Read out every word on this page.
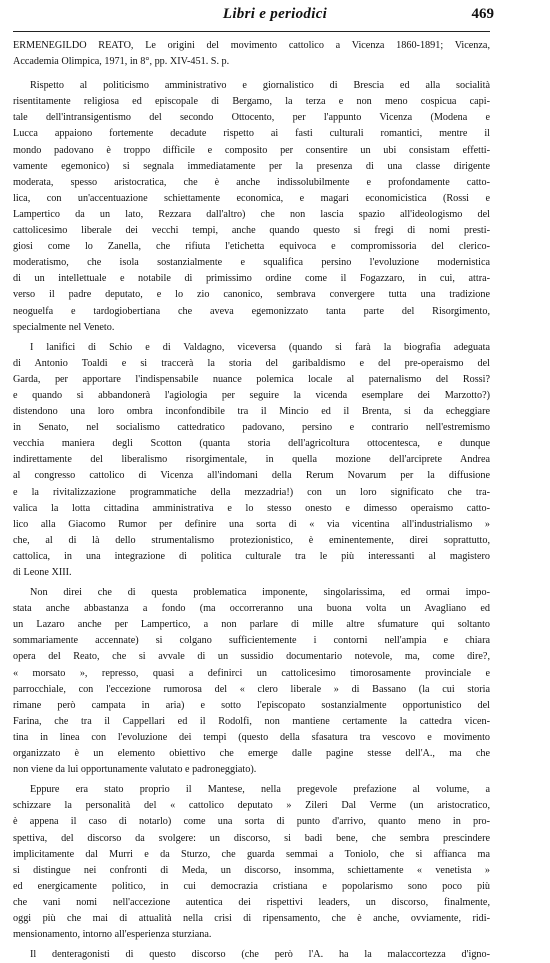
Libri e periodici	469
ERMENEGILDO REATO, Le origini del movimento cattolico a Vicenza 1860-1891; Vicenza,
Accademia Olimpica, 1971, in 8°, pp. XIV-451. S. p.
Rispetto al politicismo amministrativo e giornalistico di Brescia ed alla socialità
risentitamente religiosa ed episcopale di Bergamo, la terza e non meno cospicua capi-
tale dell'intransigentismo del secondo Ottocento, per l'appunto Vicenza (Modena e
Lucca appaiono fortemente decadute rispetto ai fasti culturali romantici, mentre il
mondo padovano è troppo difficile e composito per consentire un ubi consistam effetti-
vamente egemonico) si segnala immediatamente per la presenza di una classe dirigente
moderata, spesso aristocratica, che è anche indissolubilmente e profondamente catto-
lica, con un'accentuazione schiettamente economica, e magari economicistica (Rossi e
Lampertico da un lato, Rezzara dall'altro) che non lascia spazio all'ideologismo del
cattolicesimo liberale dei vecchi tempi, anche quando questo si fregi di nomi presti-
giosi come lo Zanella, che rifiuta l'etichetta equivoca e compromissoria del clerico-
moderatismo, che isola sostanzialmente e squalifica persino l'evoluzione modernistica
di un intellettuale e notabile di primissimo ordine come il Fogazzaro, in cui, attra-
verso il padre deputato, e lo zio canonico, sembrava convergere tutta una tradizione
neoguelfa e tardogiobertiana che aveva egemonizzato tanta parte del Risorgimento,
specialmente nel Veneto.
I lanifici di Schio e di Valdagno, viceversa (quando si farà la biografia adeguata
di Antonio Toaldi e si traccerà la storia del garibaldismo e del pre-operaismo del
Garda, per apportare l'indispensabile nuance polemica locale al paternalismo del Rossi?
e quando si abbandonerà l'agiologia per seguire la vicenda esemplare dei Marzotto?)
distendono una loro ombra inconfondibile tra il Mincio ed il Brenta, si da echeggiare
in Senato, nel socialismo cattedratico padovano, persino e contrario nell'estremismo
vecchia maniera degli Scotton (quanta storia dell'agricoltura ottocentesca, e dunque
indirettamente del liberalismo risorgimentale, in quella mozione dell'arciprete Andrea
al congresso cattolico di Vicenza all'indomani della Rerum Novarum per la diffusione
e la rivitalizzazione programmatiche della mezzadria!) con un loro significato che tra-
valica la lotta cittadina amministrativa e lo stesso onesto e dimesso operaismo catto-
lico alla Giacomo Rumor per definire una sorta di « via vicentina all'industrialismo »
che, al di là dello strumentalismo protezionistico, è eminentemente, direi soprattutto,
cattolica, in una integrazione di politica culturale tra le più interessanti al magistero
di Leone XIII.
Non direi che di questa problematica imponente, singolarissima, ed ormai impo-
stata anche abbastanza a fondo (ma occorreranno una buona volta un Avagliano ed
un Lazaro anche per Lampertico, a non parlare di mille altre sfumature qui soltanto
sommariamente accennate) si colgano sufficientemente i contorni nell'ampia e chiara
opera del Reato, che si avvale di un sussidio documentario notevole, ma, come dire?,
« morsato », represso, quasi a definirci un cattolicesimo timorosamente provinciale e
parrocchiale, con l'eccezione rumorosa del « clero liberale » di Bassano (la cui storia
rimane però campata in aria) e sotto l'episcopato sostanzialmente opportunistico del
Farina, che tra il Cappellari ed il Rodolfi, non mantiene certamente la cattedra vicen-
tina in linea con l'evoluzione dei tempi (questo della sfasatura tra vescovo e movimento
organizzato è un elemento obiettivo che emerge dalle pagine stesse dell'A., ma che
non viene da lui opportunamente valutato e padroneggiato).
Eppure era stato proprio il Mantese, nella pregevole prefazione al volume, a
schizzare la personalità del « cattolico deputato » Zileri Dal Verme (un aristocratico,
è appena il caso di notarlo) come una sorta di punto d'arrivo, quanto meno in pro-
spettiva, del discorso da svolgere: un discorso, si badi bene, che sembra prescindere
implicitamente dal Murri e da Sturzo, che guarda semmai a Toniolo, che si affianca ma
si distingue nei confronti di Meda, un discorso, insomma, schiettamente « venetista »
ed energicamente politico, in cui democrazia cristiana e popolarismo sono poco più
che vani nomi nell'accezione autentica dei rispettivi leaders, un discorso, finalmente,
oggi più che mai di attualità nella crisi di ripensamento, che è anche, ovviamente, ridi-
mensionamento, intorno all'esperienza sturziana.
Il denteragonisti di questo discorso (che però l'A. ha la malaccortezza d'igno-
